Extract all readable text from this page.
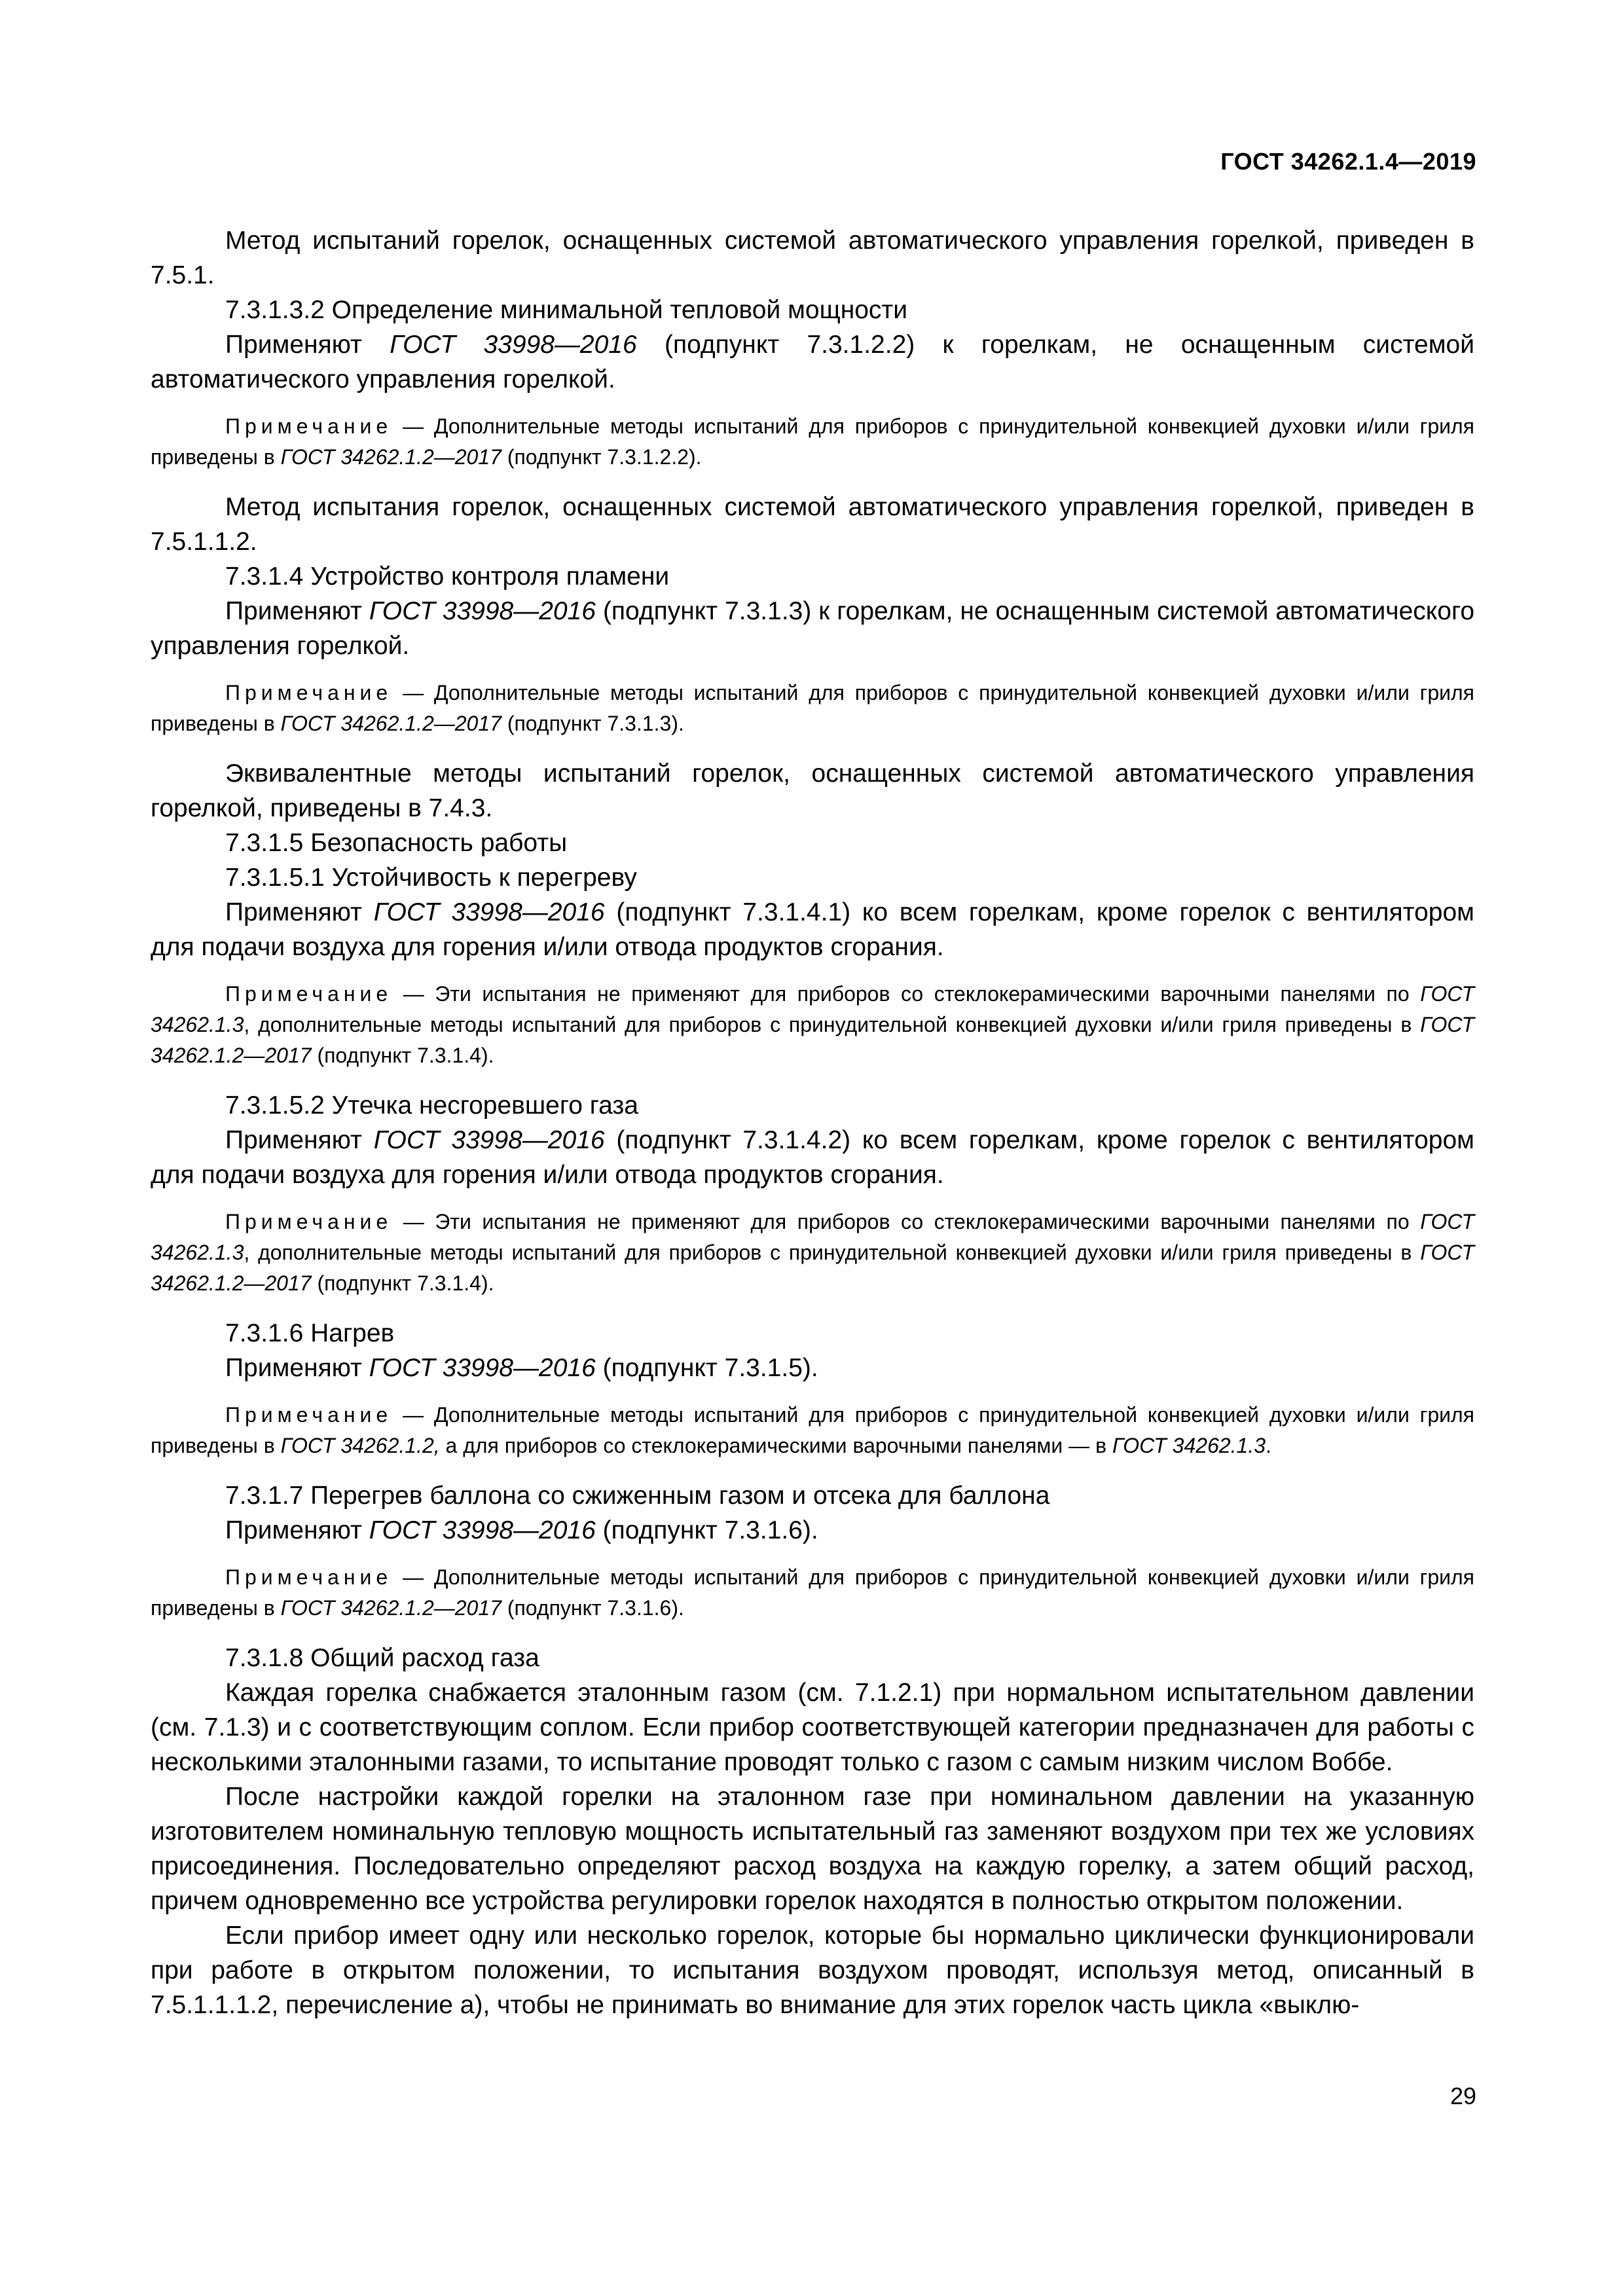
ГОСТ 34262.1.4—2019

Метод испытаний горелок, оснащенных системой автоматического управления горелкой, приведен в 7.5.1.

7.3.1.3.2 Определение минимальной тепловой мощности

Применяют ГОСТ 33998—2016 (подпункт 7.3.1.2.2) к горелкам, не оснащенным системой автоматического управления горелкой.

Примечание — Дополнительные методы испытаний для приборов с принудительной конвекцией духовки и/или гриля приведены в ГОСТ 34262.1.2—2017 (подпункт 7.3.1.2.2).

Метод испытания горелок, оснащенных системой автоматического управления горелкой, приведен в 7.5.1.1.2.

7.3.1.4 Устройство контроля пламени

Применяют ГОСТ 33998—2016 (подпункт 7.3.1.3) к горелкам, не оснащенным системой автоматического управления горелкой.

Примечание — Дополнительные методы испытаний для приборов с принудительной конвекцией духовки и/или гриля приведены в ГОСТ 34262.1.2—2017 (подпункт 7.3.1.3).

Эквивалентные методы испытаний горелок, оснащенных системой автоматического управления горелкой, приведены в 7.4.3.

7.3.1.5 Безопасность работы

7.3.1.5.1 Устойчивость к перегреву

Применяют ГОСТ 33998—2016 (подпункт 7.3.1.4.1) ко всем горелкам, кроме горелок с вентилятором для подачи воздуха для горения и/или отвода продуктов сгорания.

Примечание — Эти испытания не применяют для приборов со стеклокерамическими варочными панелями по ГОСТ 34262.1.3, дополнительные методы испытаний для приборов с принудительной конвекцией духовки и/или гриля приведены в ГОСТ 34262.1.2—2017 (подпункт 7.3.1.4).

7.3.1.5.2 Утечка несгоревшего газа

Применяют ГОСТ 33998—2016 (подпункт 7.3.1.4.2) ко всем горелкам, кроме горелок с вентилятором для подачи воздуха для горения и/или отвода продуктов сгорания.

Примечание — Эти испытания не применяют для приборов со стеклокерамическими варочными панелями по ГОСТ 34262.1.3, дополнительные методы испытаний для приборов с принудительной конвекцией духовки и/или гриля приведены в ГОСТ 34262.1.2—2017 (подпункт 7.3.1.4).

7.3.1.6 Нагрев

Применяют ГОСТ 33998—2016 (подпункт 7.3.1.5).

Примечание — Дополнительные методы испытаний для приборов с принудительной конвекцией духовки и/или гриля приведены в ГОСТ 34262.1.2, а для приборов со стеклокерамическими варочными панелями — в ГОСТ 34262.1.3.

7.3.1.7 Перегрев баллона со сжиженным газом и отсека для баллона

Применяют ГОСТ 33998—2016 (подпункт 7.3.1.6).

Примечание — Дополнительные методы испытаний для приборов с принудительной конвекцией духовки и/или гриля приведены в ГОСТ 34262.1.2—2017 (подпункт 7.3.1.6).

7.3.1.8 Общий расход газа

Каждая горелка снабжается эталонным газом (см. 7.1.2.1) при нормальном испытательном давлении (см. 7.1.3) и с соответствующим соплом. Если прибор соответствующей категории предназначен для работы с несколькими эталонными газами, то испытание проводят только с газом с самым низким числом Воббе.

После настройки каждой горелки на эталонном газе при номинальном давлении на указанную изготовителем номинальную тепловую мощность испытательный газ заменяют воздухом при тех же условиях присоединения. Последовательно определяют расход воздуха на каждую горелку, а затем общий расход, причем одновременно все устройства регулировки горелок находятся в полностью открытом положении.

Если прибор имеет одну или несколько горелок, которые бы нормально циклически функционировали при работе в открытом положении, то испытания воздухом проводят, используя метод, описанный в 7.5.1.1.1.2, перечисление а), чтобы не принимать во внимание для этих горелок часть цикла «выклю-

29
